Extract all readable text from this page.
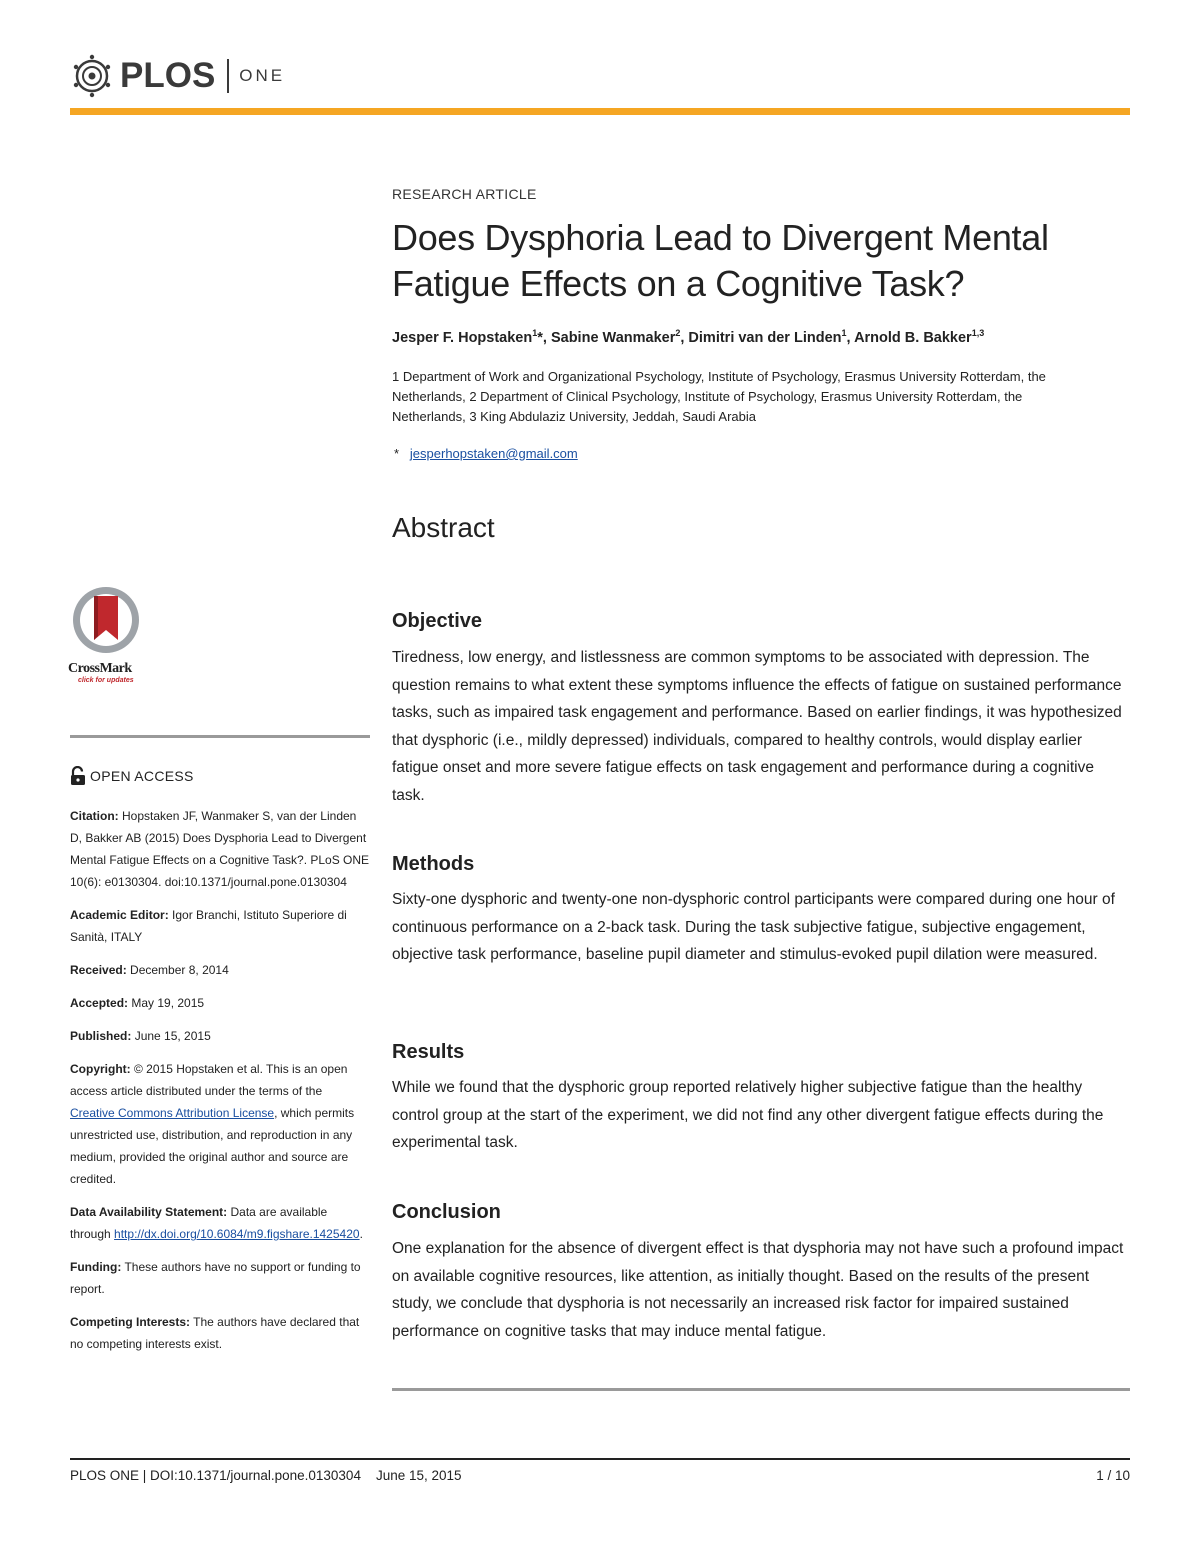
PLOS ONE
CrossMark
click for updates
OPEN ACCESS

Citation: Hopstaken JF, Wanmaker S, van der Linden D, Bakker AB (2015) Does Dysphoria Lead to Divergent Mental Fatigue Effects on a Cognitive Task?. PLoS ONE 10(6): e0130304. doi:10.1371/journal.pone.0130304

Academic Editor: Igor Branchi, Istituto Superiore di Sanità, ITALY

Received: December 8, 2014

Accepted: May 19, 2015

Published: June 15, 2015

Copyright: © 2015 Hopstaken et al. This is an open access article distributed under the terms of the Creative Commons Attribution License, which permits unrestricted use, distribution, and reproduction in any medium, provided the original author and source are credited.

Data Availability Statement: Data are available through http://dx.doi.org/10.6084/m9.figshare.1425420.

Funding: These authors have no support or funding to report.

Competing Interests: The authors have declared that no competing interests exist.

RESEARCH ARTICLE
Does Dysphoria Lead to Divergent Mental Fatigue Effects on a Cognitive Task?
Jesper F. Hopstaken$^1$*, Sabine Wanmaker$^2$, Dimitri van der Linden$^1$, Arnold B. Bakker$^{1,3}$
1 Department of Work and Organizational Psychology, Institute of Psychology, Erasmus University Rotterdam, the Netherlands, 2 Department of Clinical Psychology, Institute of Psychology, Erasmus University Rotterdam, the Netherlands, 3 King Abdulaziz University, Jeddah, Saudi Arabia
* jesperhopstaken@gmail.com
Abstract
Objective

Tiredness, low energy, and listlessness are common symptoms to be associated with depression. The question remains to what extent these symptoms influence the effects of fatigue on sustained performance tasks, such as impaired task engagement and performance. Based on earlier findings, it was hypothesized that dysphoric (i.e., mildly depressed) individuals, compared to healthy controls, would display earlier fatigue onset and more severe fatigue effects on task engagement and performance during a cognitive task.

Methods

Sixty-one dysphoric and twenty-one non-dysphoric control participants were compared during one hour of continuous performance on a 2-back task. During the task subjective fatigue, subjective engagement, objective task performance, baseline pupil diameter and stimulus-evoked pupil dilation were measured.

Results

While we found that the dysphoric group reported relatively higher subjective fatigue than the healthy control group at the start of the experiment, we did not find any other divergent fatigue effects during the experimental task.

Conclusion

One explanation for the absence of divergent effect is that dysphoria may not have such a profound impact on available cognitive resources, like attention, as initially thought. Based on the results of the present study, we conclude that dysphoria is not necessarily an increased risk factor for impaired sustained performance on cognitive tasks that may induce mental fatigue.

PLOS ONE | DOI:10.1371/journal.pone.0130304    June 15, 2015	1 / 10
